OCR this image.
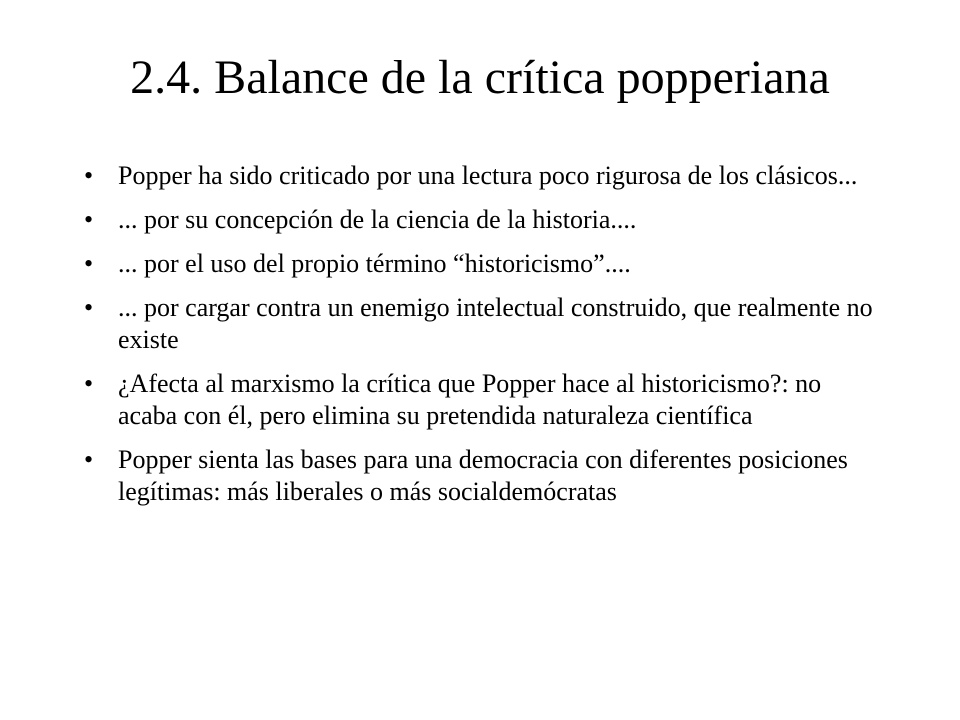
2.4. Balance de la crítica popperiana
• Popper ha sido criticado por una lectura poco rigurosa de los clásicos...
• ... por su concepción de la ciencia de la historia....
• ... por el uso del propio término “historicismo”....
• ... por cargar contra un enemigo intelectual construido, que realmente no existe
• ¿Afecta al marxismo la crítica que Popper hace al historicismo?: no acaba con él, pero elimina su pretendida naturaleza científica
• Popper sienta las bases para una democracia con diferentes posiciones legítimas: más liberales o más socialdemócratas
